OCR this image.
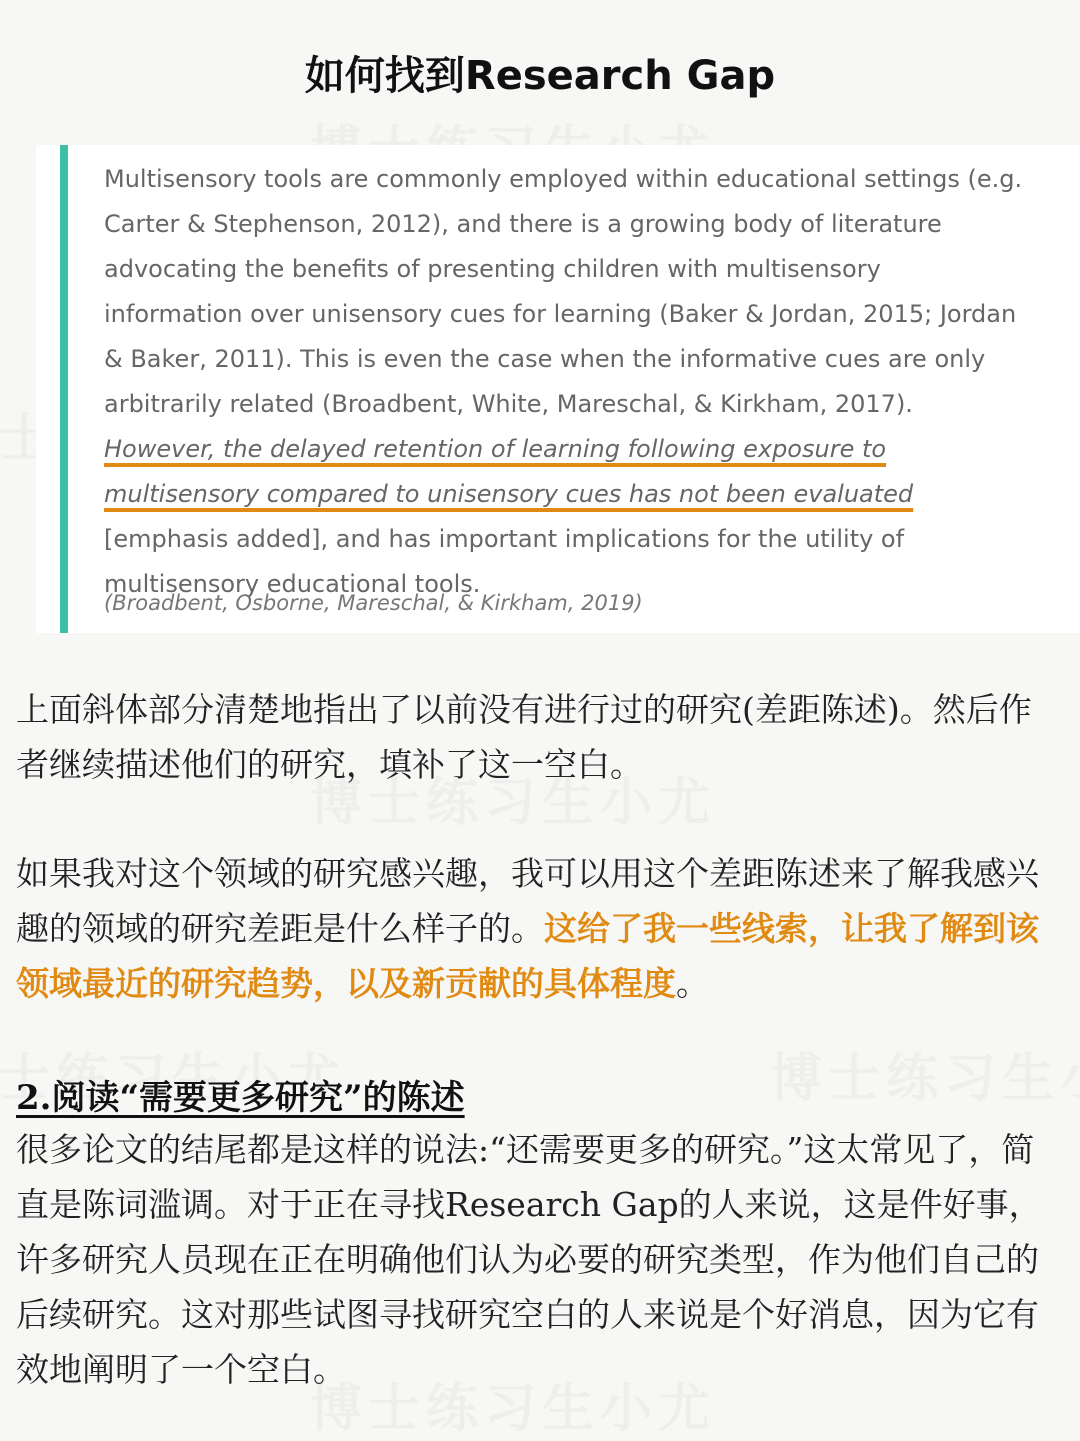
如何找到Research Gap

Multisensory tools are commonly employed within educational settings (e.g. Carter & Stephenson, 2012), and there is a growing body of literature advocating the benefits of presenting children with multisensory information over unisensory cues for learning (Baker & Jordan, 2015; Jordan & Baker, 2011). This is even the case when the informative cues are only arbitrarily related (Broadbent, White, Mareschal, & Kirkham, 2017). However, the delayed retention of learning following exposure to multisensory compared to unisensory cues has not been evaluated [emphasis added], and has important implications for the utility of multisensory educational tools.

(Broadbent, Osborne, Mareschal, & Kirkham, 2019)

上面斜体部分清楚地指出了以前没有进行过的研究(差距陈述)。然后作者继续描述他们的研究，填补了这一空白。

如果我对这个领域的研究感兴趣，我可以用这个差距陈述来了解我感兴趣的领域的研究差距是什么样子的。这给了我一些线索，让我了解到该领域最近的研究趋势，以及新贡献的具体程度。

2.阅读“需要更多研究”的陈述

很多论文的结尾都是这样的说法:“还需要更多的研究。”这太常见了，简直是陈词滥调。对于正在寻找Research Gap的人来说，这是件好事，许多研究人员现在正在明确他们认为必要的研究类型，作为他们自己的后续研究。这对那些试图寻找研究空白的人来说是个好消息，因为它有效地阐明了一个空白。
